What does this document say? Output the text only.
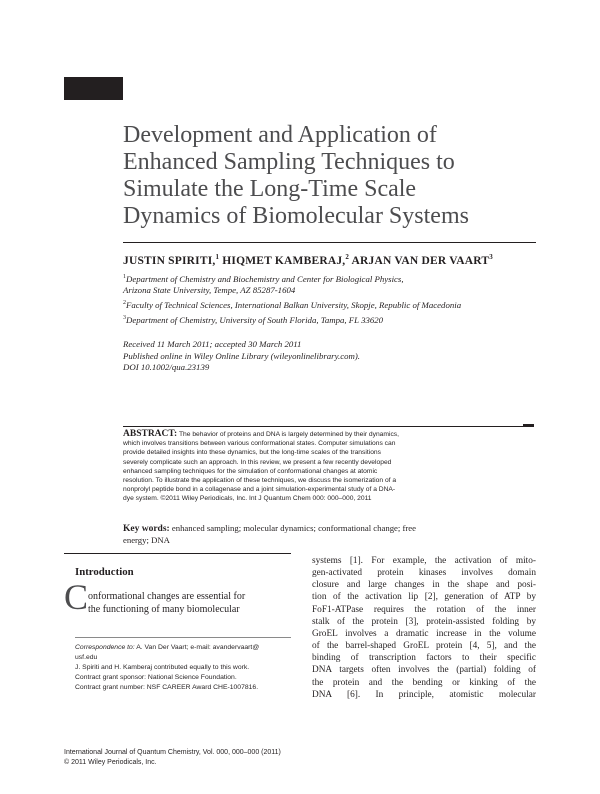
Development and Application of
Enhanced Sampling Techniques to
Simulate the Long-Time Scale
Dynamics of Biomolecular Systems
JUSTIN SPIRITI,$^1$ HIQMET KAMBERAJ,$^2$ ARJAN VAN DER VAART$^3$
$^1$Department of Chemistry and Biochemistry and Center for Biological Physics,
Arizona State University, Tempe, AZ 85287-1604
$^2$Faculty of Technical Sciences, International Balkan University, Skopje, Republic of Macedonia
$^3$Department of Chemistry, University of South Florida, Tampa, FL 33620
Received 11 March 2011; accepted 30 March 2011
Published online in Wiley Online Library (wileyonlinelibrary.com).
DOI 10.1002/qua.23139
ABSTRACT: The behavior of proteins and DNA is largely determined by their dynamics,
which involves transitions between various conformational states. Computer simulations can
provide detailed insights into these dynamics, but the long-time scales of the transitions
severely complicate such an approach. In this review, we present a few recently developed
enhanced sampling techniques for the simulation of conformational changes at atomic
resolution. To illustrate the application of these techniques, we discuss the isomerization of a
nonprolyl peptide bond in a collagenase and a joint simulation-experimental study of a DNA-
dye system. ©2011 Wiley Periodicals, Inc. Int J Quantum Chem 000: 000–000, 2011
Key words: enhanced sampling; molecular dynamics; conformational change; free
energy; DNA
Introduction
C onformational changes are essential for
the functioning of many biomolecular
Correspondence to: A. Van Der Vaart; e-mail: avandervaart@
usf.edu
J. Spiriti and H. Kamberaj contributed equally to this work.
Contract grant sponsor: National Science Foundation.
Contract grant number: NSF CAREER Award CHE-1007816.
systems [1]. For example, the activation of mito-
gen-activated protein kinases involves domain
closure and large changes in the shape and posi-
tion of the activation lip [2], generation of ATP by
FoF1-ATPase requires the rotation of the inner
stalk of the protein [3], protein-assisted folding by
GroEL involves a dramatic increase in the volume
of the barrel-shaped GroEL protein [4, 5], and the
binding of transcription factors to their specific
DNA targets often involves the (partial) folding of
the protein and the bending or kinking of the
DNA [6]. In principle, atomistic molecular
International Journal of Quantum Chemistry, Vol. 000, 000–000 (2011)
© 2011 Wiley Periodicals, Inc.
